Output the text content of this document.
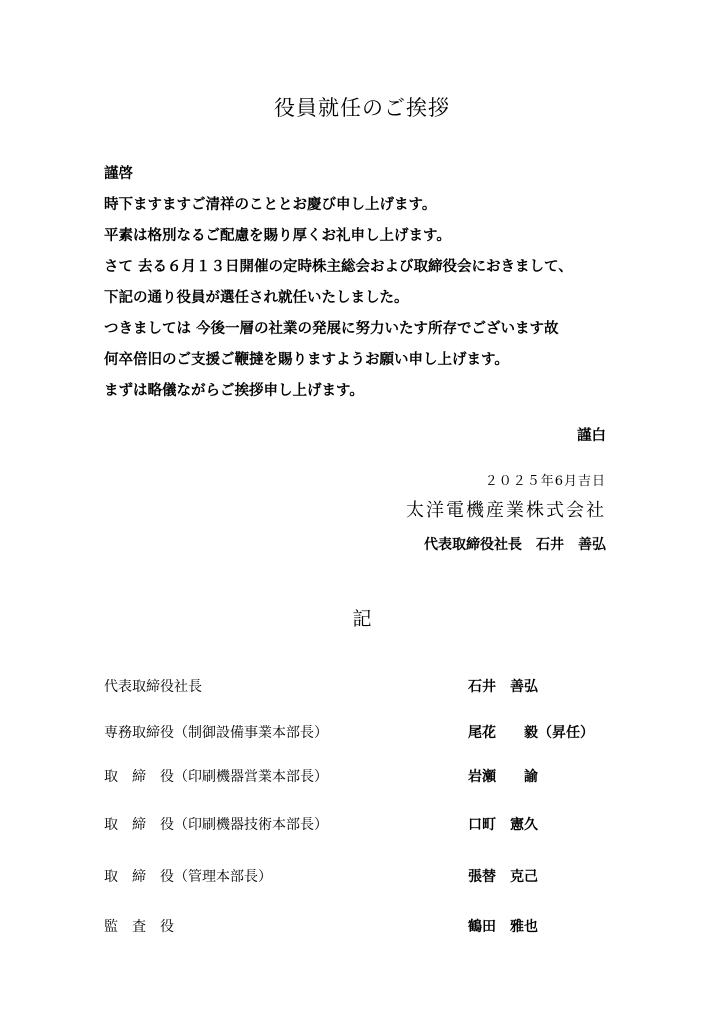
役員就任のご挨拶
謹啓
時下ますますご清祥のこととお慶び申し上げます。
平素は格別なるご配慮を賜り厚くお礼申し上げます。
さて 去る６月１３日開催の定時株主総会および取締役会におきまして、
下記の通り役員が選任され就任いたしました。
つきましては 今後一層の社業の発展に努力いたす所存でございます故
何卒倍旧のご支援ご鞭撻を賜りますようお願い申し上げます。
まずは略儀ながらご挨拶申し上げます。
謹白
２０２５年6月吉日
太洋電機産業株式会社
代表取締役社長　石井　善弘
記
代表取締役社長	石井　善弘
専務取締役（制御設備事業本部長）	尾花　　毅（昇任）
取　締　役（印刷機器営業本部長）	岩瀬　　諭
取　締　役（印刷機器技術本部長）	口町　憲久
取　締　役（管理本部長）	張替　克己
監　査　役	鶴田　雅也
